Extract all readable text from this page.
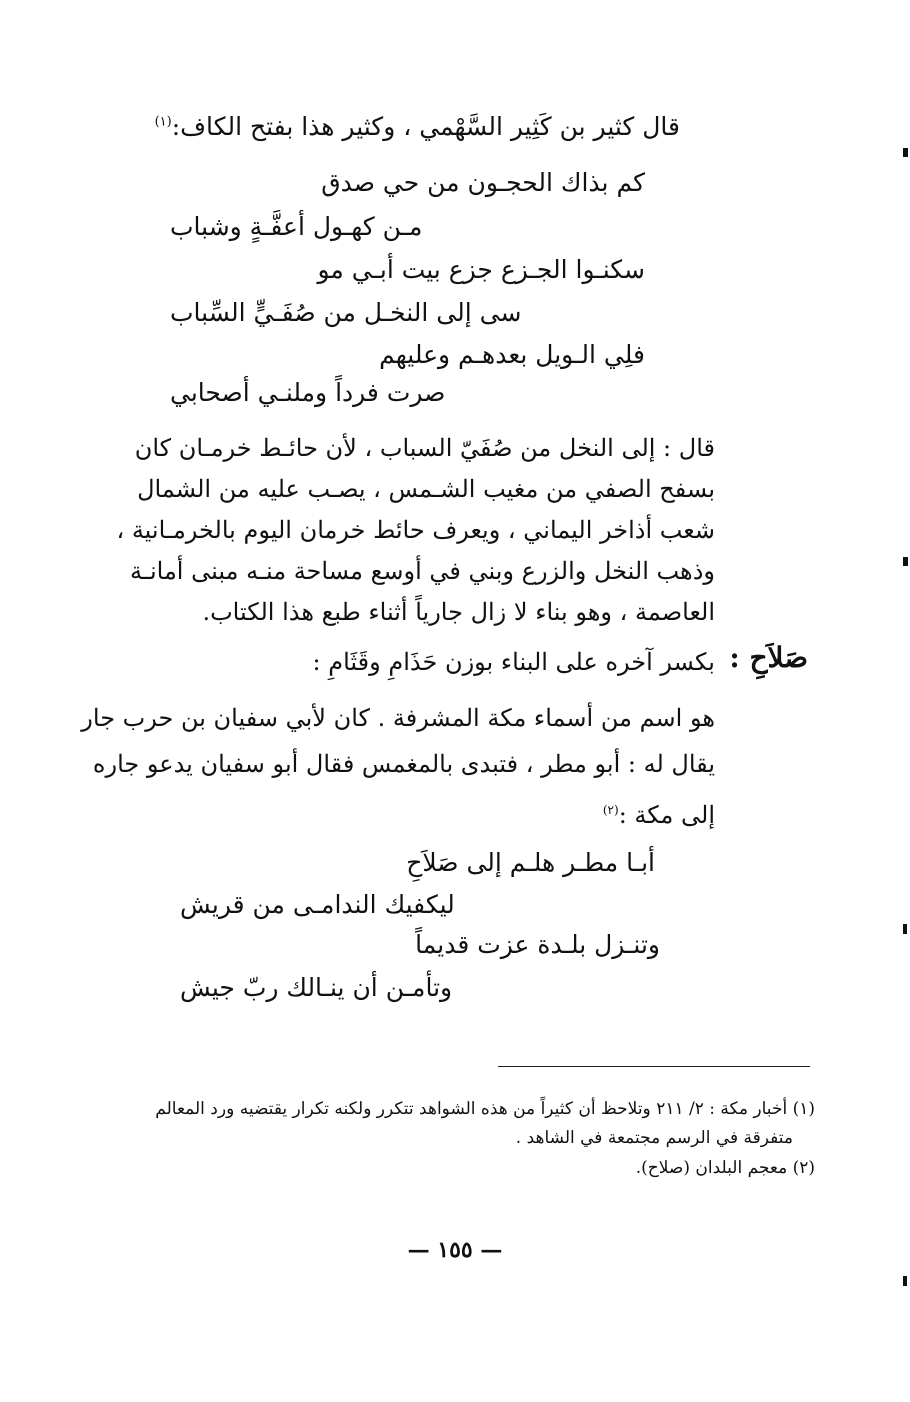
قال كثير بن كَثِير السَّهْمي ، وكثير هذا بفتح الكاف:$^{(١)}$
كم بذاك الحجـون من حي صدق
مـن كهـول أعفَّـةٍ وشباب
سكنـوا الجـزع جزع بيت أبـي مو
سى إلى النخـل من صُفَـيٍّ السِّباب
فلِي الـويل بعدهـم وعليهم
صرت فرداً وملنـي أصحابي
قال : إلى النخل من صُفَيّ السباب ، لأن حائـط خرمـان كان
بسفح الصفي من مغيب الشـمس ، يصـب عليه من الشمال
شعب أذاخر اليماني ، ويعرف حائط خرمان اليوم بالخرمـانية ،
وذهب النخل والزرع وبني في أوسع مساحة منـه مبنى أمانـة
العاصمة ، وهو بناء لا زال جارياً أثناء طبع هذا الكتاب.
صَلاَحِ :
بكسر آخره على البناء بوزن حَذَامِ وقَثَامِ :
هو اسم من أسماء مكة المشرفة . كان لأبي سفيان بن حرب جار
يقال له : أبو مطر ، فتبدى بالمغمس فقال أبو سفيان يدعو جاره
إلى مكة :$^{(٢)}$
أبـا مطـر هلـم إلى صَلاَحِ
ليكفيك الندامـى من قريش
وتنـزل بلـدة عزت قديماً
وتأمـن أن ينـالك ربّ جيش
(١) أخبار مكة : ٢/ ٢١١ وتلاحظ أن كثيراً من هذه الشواهد تتكرر ولكنه تكرار يقتضيه ورد المعالم
متفرقة في الرسم مجتمعة في الشاهد .
(٢) معجم البلدان (صلاح).
— ١٥٥ —
